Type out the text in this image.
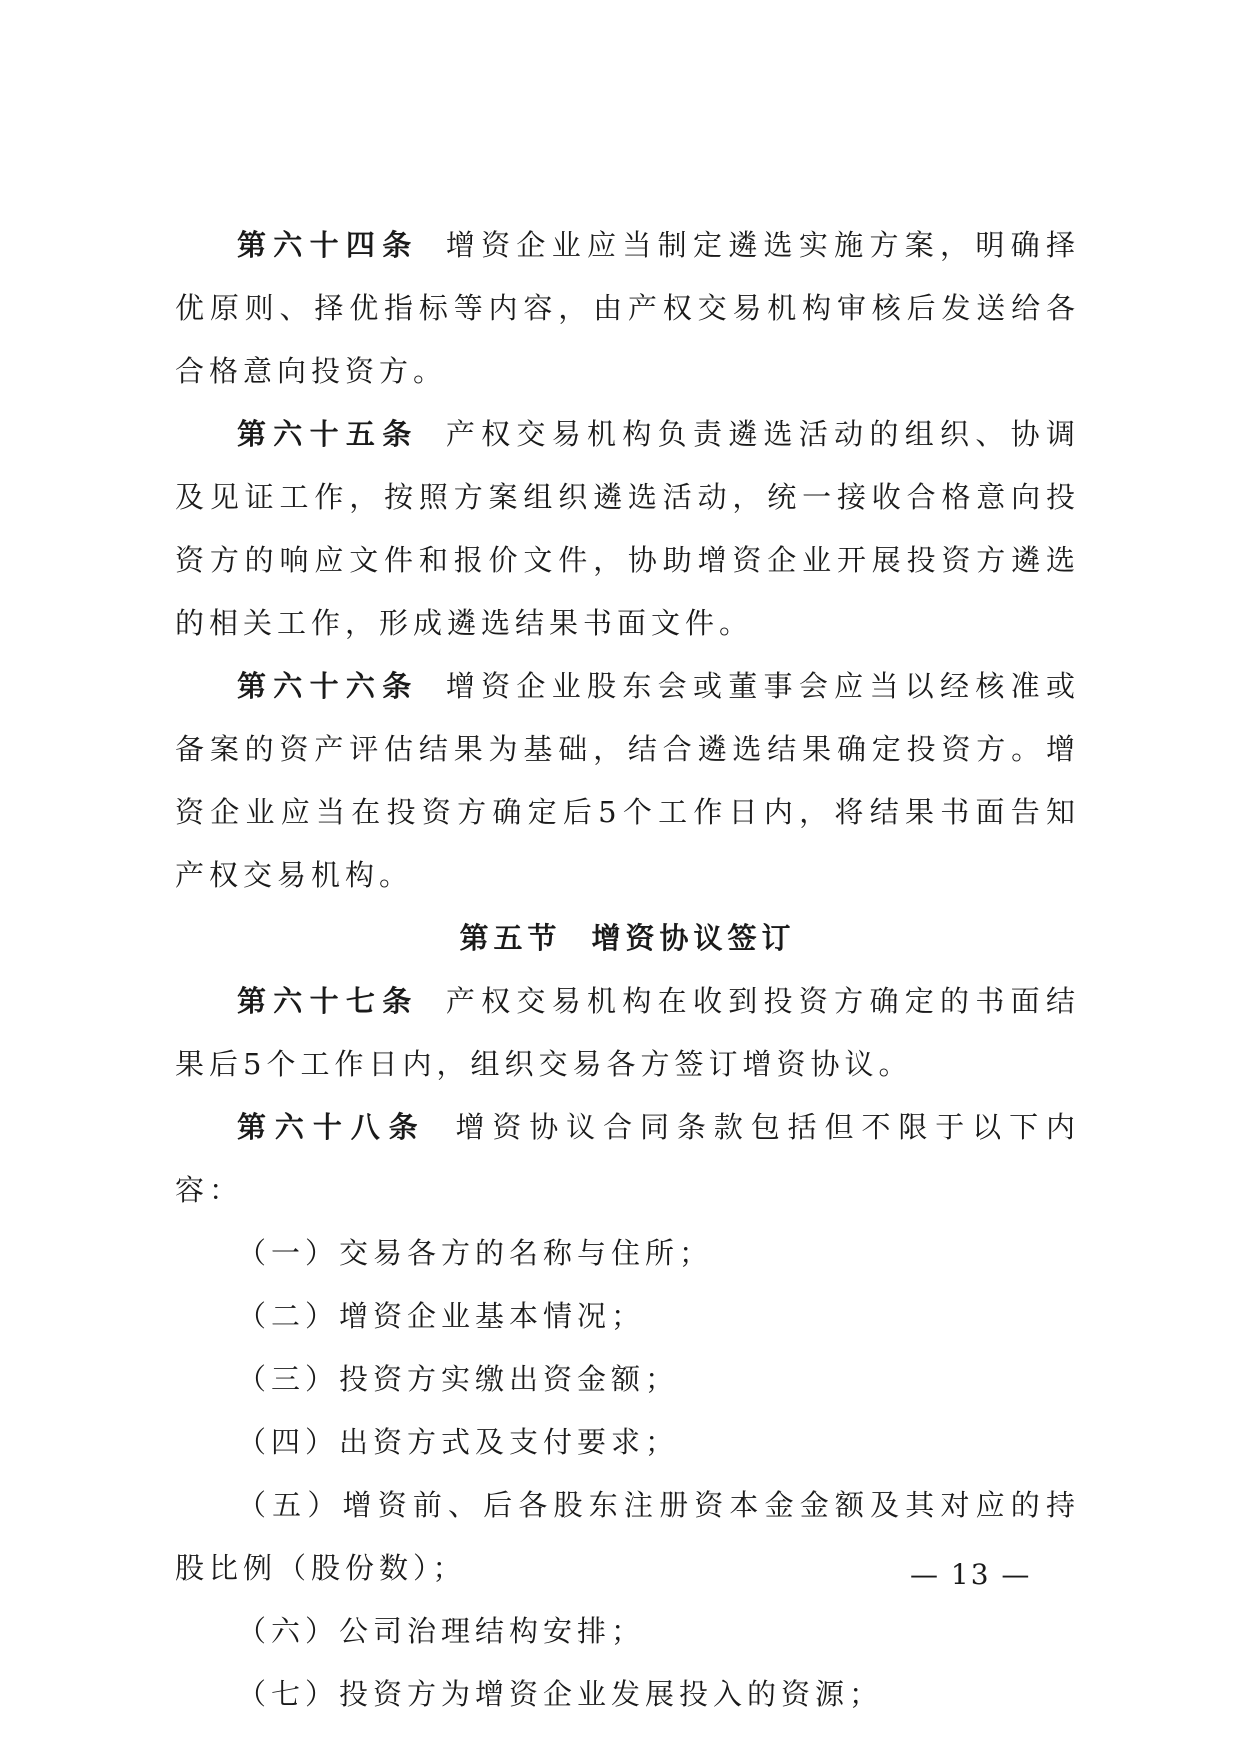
第六十四条 增资企业应当制定遴选实施方案，明确择优原则、择优指标等内容，由产权交易机构审核后发送给各合格意向投资方。

第六十五条 产权交易机构负责遴选活动的组织、协调及见证工作，按照方案组织遴选活动，统一接收合格意向投资方的响应文件和报价文件，协助增资企业开展投资方遴选的相关工作，形成遴选结果书面文件。

第六十六条 增资企业股东会或董事会应当以经核准或备案的资产评估结果为基础，结合遴选结果确定投资方。增资企业应当在投资方确定后5个工作日内，将结果书面告知产权交易机构。

第五节 增资协议签订

第六十七条 产权交易机构在收到投资方确定的书面结果后5个工作日内，组织交易各方签订增资协议。

第六十八条 增资协议合同条款包括但不限于以下内容：

（一）交易各方的名称与住所；

（二）增资企业基本情况；

（三）投资方实缴出资金额；

（四）出资方式及支付要求；

（五）增资前、后各股东注册资本金金额及其对应的持股比例（股份数）；

（六）公司治理结构安排；

（七）投资方为增资企业发展投入的资源；

— 13 —
